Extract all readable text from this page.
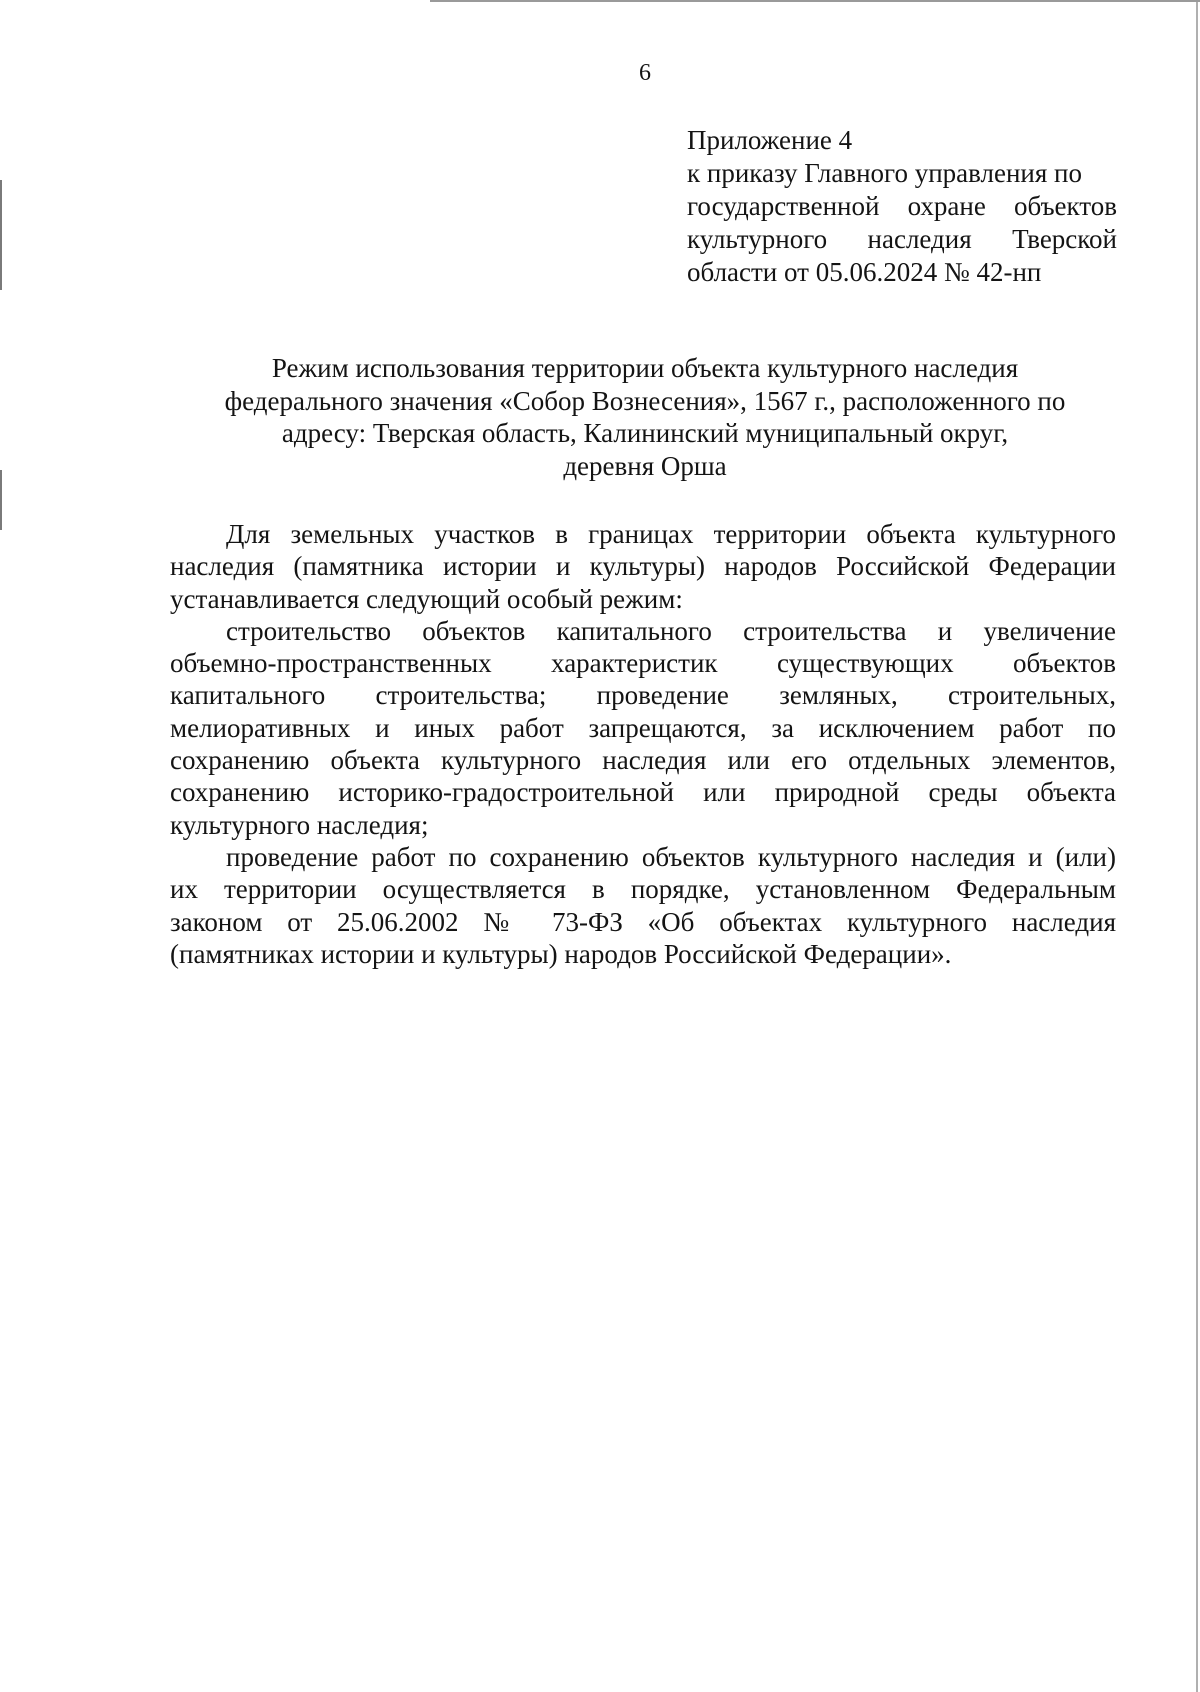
6
Приложение 4
к приказу Главного управления по
государственной охране объектов
культурного наследия Тверской
области от 05.06.2024 № 42-нп
Режим использования территории объекта культурного наследия
федерального значения «Собор Вознесения», 1567 г., расположенного по
адресу: Тверская область, Калининский муниципальный округ,
деревня Орша
Для земельных участков в границах территории объекта культурного
наследия (памятника истории и культуры) народов Российской Федерации
устанавливается следующий особый режим:
строительство объектов капитального строительства и увеличение
объемно-пространственных характеристик существующих объектов
капитального строительства; проведение земляных, строительных,
мелиоративных и иных работ запрещаются, за исключением работ по
сохранению объекта культурного наследия или его отдельных элементов,
сохранению историко-градостроительной или природной среды объекта
культурного наследия;
проведение работ по сохранению объектов культурного наследия и (или)
их территории осуществляется в порядке, установленном Федеральным
законом от 25.06.2002 № 73-ФЗ «Об объектах культурного наследия
(памятниках истории и культуры) народов Российской Федерации».
